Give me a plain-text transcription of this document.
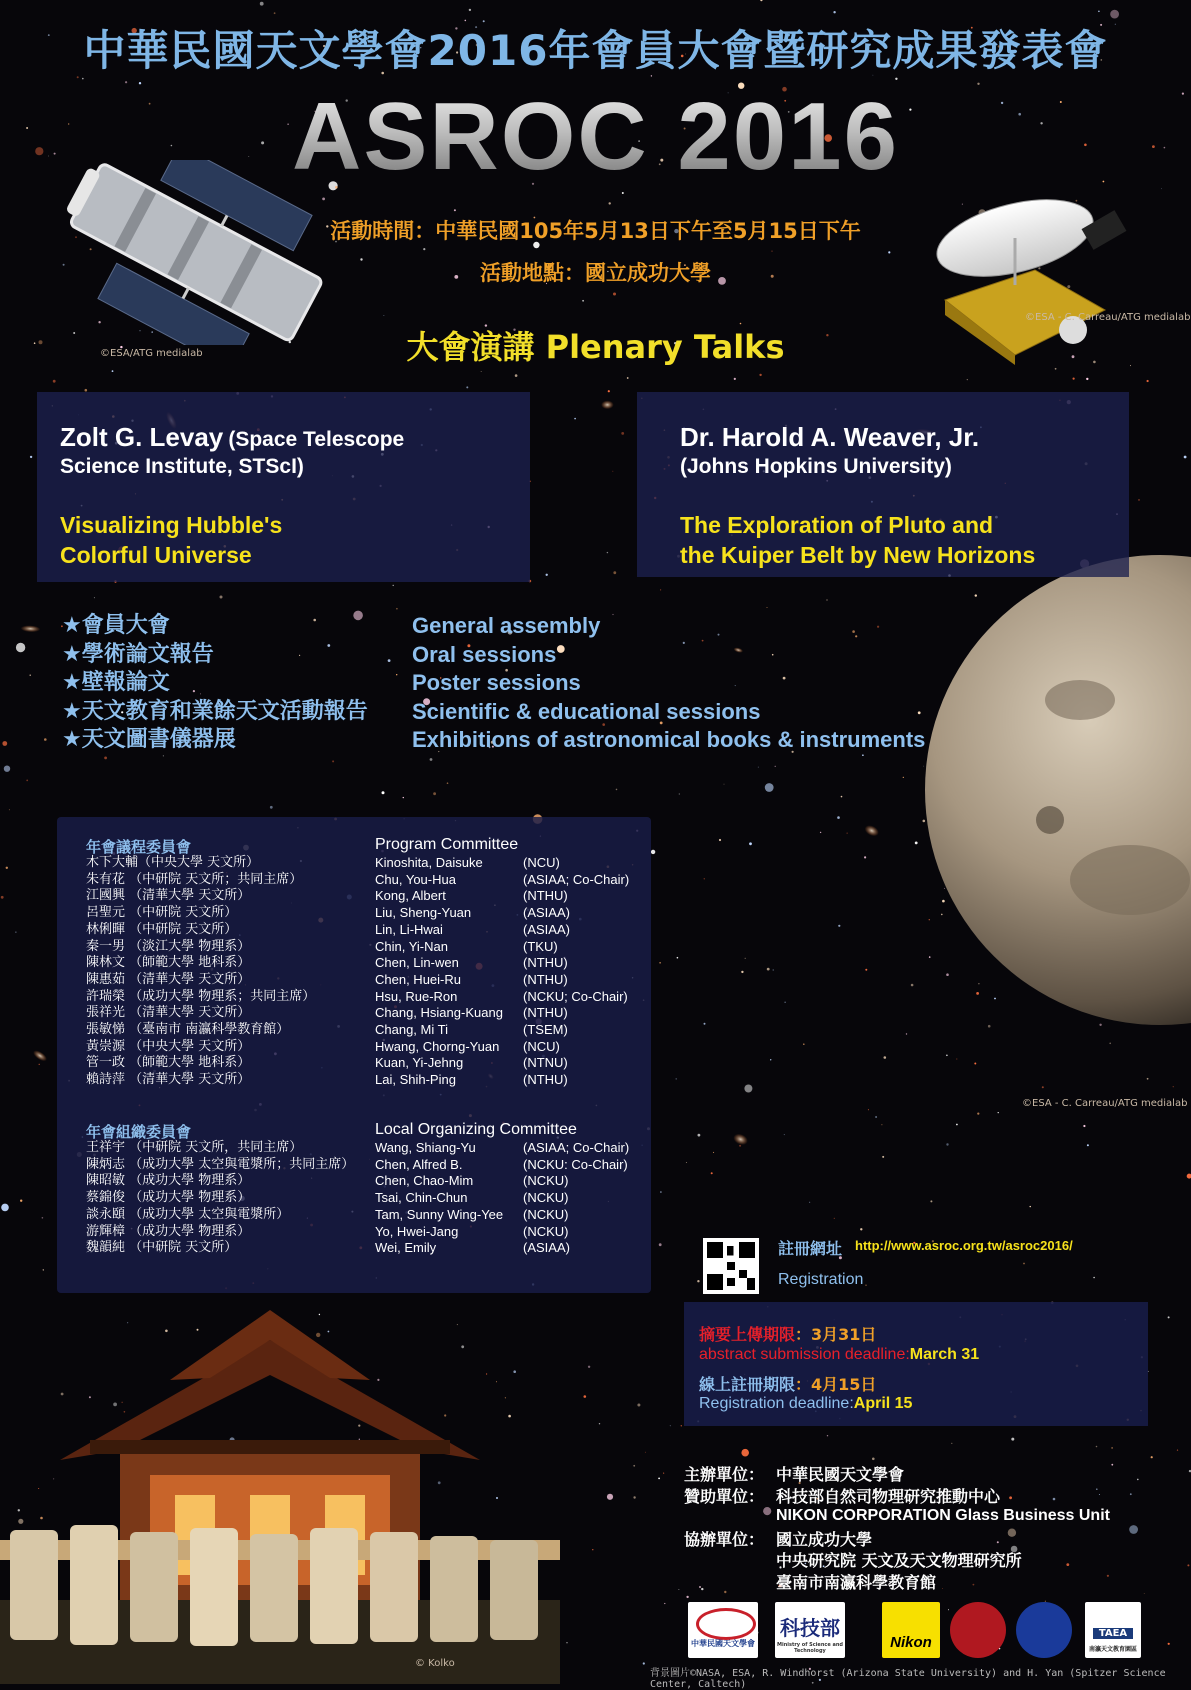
©ESA/ATG medialab
©ESA - C. Carreau/ATG medialab
中華民國天文學會2016年會員大會暨研究成果發表會
ASROC 2016
活動時間：中華民國105年5月13日下午至5月15日下午
活動地點：國立成功大學
大會演講 Plenary Talks
Zolt G. Levay (Space Telescope
Science Institute, STScI)
Visualizing Hubble's
Colorful Universe
Dr. Harold A. Weaver, Jr.
(Johns Hopkins University)
The Exploration of Pluto and
the Kuiper Belt by New Horizons
★會員大會	General assembly
★學術論文報告	Oral sessions
★壁報論文	Poster sessions
★天文教育和業餘天文活動報告 Scientific & educational sessions
★天文圖書儀器展	Exhibitions of astronomical books & instruments
年會議程委員會	Program Committee
木下大輔（中央大學 天文所）	Kinoshita, Daisuke	(NCU)
朱有花 （中研院 天文所；共同主席）	Chu, You-Hua	(ASIAA; Co-Chair)
江國興 （清華大學 天文所）	Kong, Albert	(NTHU)
呂聖元 （中研院 天文所）	Liu, Sheng-Yuan	(ASIAA)
林俐暉 （中研院 天文所）	Lin, Li-Hwai	(ASIAA)
秦一男 （淡江大學 物理系）	Chin, Yi-Nan	(TKU)
陳林文 （師範大學 地科系）	Chen, Lin-wen	(NTHU)
陳惠茹 （清華大學 天文所）	Chen, Huei-Ru	(NTHU)
許瑞榮 （成功大學 物理系；共同主席）	Hsu, Rue-Ron	(NCKU; Co-Chair)
張祥光 （清華大學 天文所）	Chang, Hsiang-Kuang (NTHU)
張敏悌 （臺南市 南瀛科學教育館）	Chang, Mi Ti	(TSEM)
黃崇源 （中央大學 天文所）	Hwang, Chorng-Yuan (NCU)
管一政 （師範大學 地科系）	Kuan, Yi-Jehng	(NTNU)
賴詩萍 （清華大學 天文所）	Lai, Shih-Ping	(NTHU)
年會組織委員會	Local Organizing Committee
王祥宇 （中研院 天文所，共同主席）	Wang, Shiang-Yu	(ASIAA; Co-Chair)
陳炳志 （成功大學 太空與電漿所；共同主席） Chen, Alfred B.	(NCKU: Co-Chair)
陳昭敏 （成功大學 物理系）	Chen, Chao-Mim	(NCKU)
蔡錦俊 （成功大學 物理系）	Tsai, Chin-Chun	(NCKU)
談永頤 （成功大學 太空與電漿所）	Tam, Sunny Wing-Yee (NCKU)
游輝樟 （成功大學 物理系）	Yo, Hwei-Jang	(NCKU)
魏韻純 （中研院 天文所）	Wei, Emily	(ASIAA)
©ESA - C. Carreau/ATG medialab
註冊網址 http://www.asroc.org.tw/asroc2016/
Registration
摘要上傳期限：3月31日
abstract submission deadline:March 31
線上註冊期限：4月15日
Registration deadline:April 15
主辦單位： 中華民國天文學會
贊助單位： 科技部自然司物理研究推動中心
NIKON CORPORATION Glass Business Unit
協辦單位： 國立成功大學
中央研究院 天文及天文物理研究所
臺南市南瀛科學教育館
© Kolko
中華民國天文學會
科技部
Ministry of Science and Technology	Nikon
TAEA
南瀛天文教育園區
背景圖片©NASA, ESA, R. Windhorst (Arizona State University) and H. Yan (Spitzer Science Center, Caltech)
